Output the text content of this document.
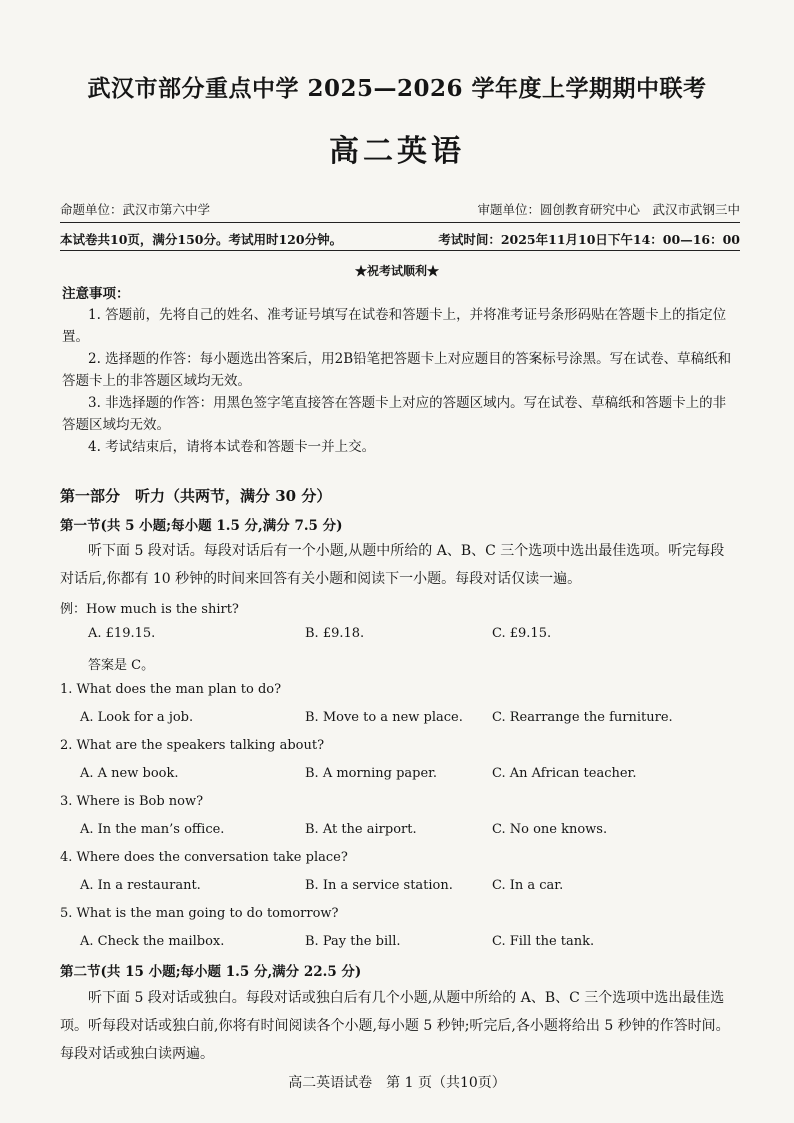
武汉市部分重点中学 2025—2026 学年度上学期期中联考
高二英语
命题单位：武汉市第六中学	审题单位：圆创教育研究中心　武汉市武钢三中
本试卷共10页，满分150分。考试用时120分钟。	考试时间：2025年11月10日下午14：00—16：00
★祝考试顺利★
注意事项：
1. 答题前，先将自己的姓名、准考证号填写在试卷和答题卡上，并将准考证号条形码贴在答题卡上的指定位置。
2. 选择题的作答：每小题选出答案后，用2B铅笔把答题卡上对应题目的答案标号涂黑。写在试卷、草稿纸和答题卡上的非答题区域均无效。
3. 非选择题的作答：用黑色签字笔直接答在答题卡上对应的答题区域内。写在试卷、草稿纸和答题卡上的非答题区域均无效。
4. 考试结束后，请将本试卷和答题卡一并上交。
第一部分　听力（共两节，满分 30 分）
第一节(共 5 小题;每小题 1.5 分,满分 7.5 分)
听下面 5 段对话。每段对话后有一个小题,从题中所给的 A、B、C 三个选项中选出最佳选项。听完每段对话后,你都有 10 秒钟的时间来回答有关小题和阅读下一小题。每段对话仅读一遍。
例：How much is the shirt?
A. £19.15.	B. £9.18.	C. £9.15.
答案是 C。
1. What does the man plan to do?
A. Look for a job.	B. Move to a new place. C. Rearrange the furniture.
2. What are the speakers talking about?
A. A new book.	B. A morning paper.	C. An African teacher.
3. Where is Bob now?
A. In the man’s office.	B. At the airport.	C. No one knows.
4. Where does the conversation take place?
A. In a restaurant.	B. In a service station.	C. In a car.
5. What is the man going to do tomorrow?
A. Check the mailbox.	B. Pay the bill.	C. Fill the tank.
第二节(共 15 小题;每小题 1.5 分,满分 22.5 分)
听下面 5 段对话或独白。每段对话或独白后有几个小题,从题中所给的 A、B、C 三个选项中选出最佳选项。听每段对话或独白前,你将有时间阅读各个小题,每小题 5 秒钟;听完后,各小题将给出 5 秒钟的作答时间。每段对话或独白读两遍。
高二英语试卷　第 1 页（共10页）
